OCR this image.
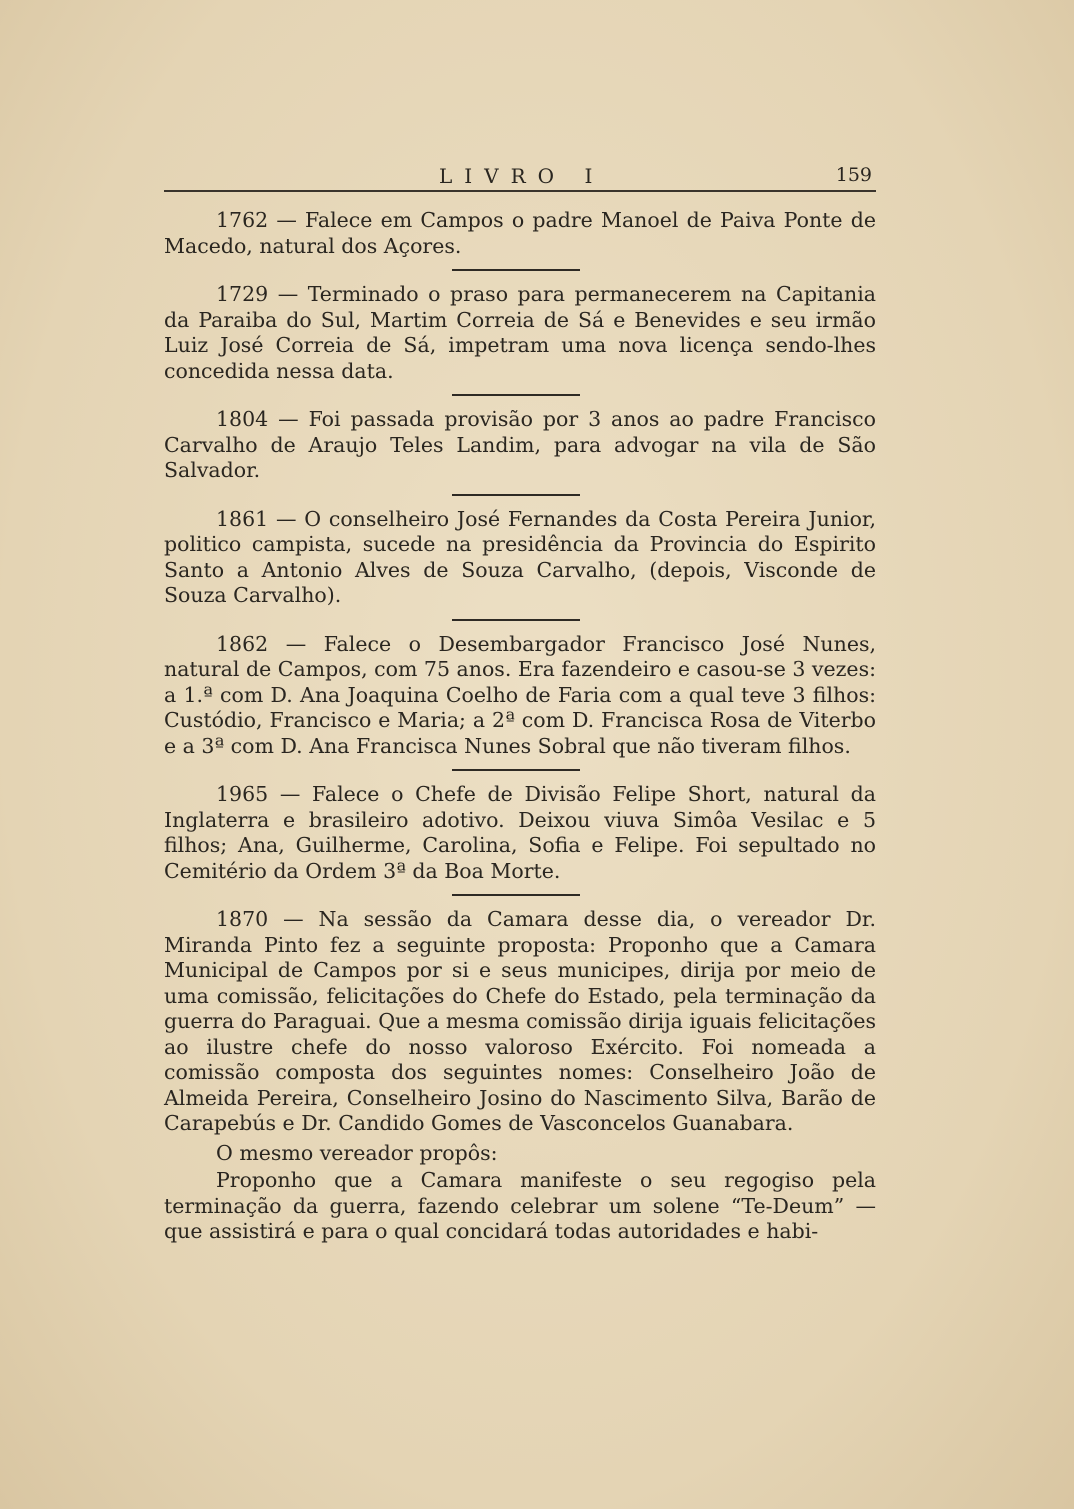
LIVRO I	159

1762 — Falece em Campos o padre Manoel de Paiva Ponte de Macedo, natural dos Açores.

1729 — Terminado o praso para permanecerem na Capitania da Paraiba do Sul, Martim Correia de Sá e Benevides e seu irmão Luiz José Correia de Sá, impetram uma nova licença sendo-lhes concedida nessa data.

1804 — Foi passada provisão por 3 anos ao padre Francisco Carvalho de Araujo Teles Landim, para advogar na vila de São Salvador.

1861 — O conselheiro José Fernandes da Costa Pereira Junior, politico campista, sucede na presidência da Provincia do Espirito Santo a Antonio Alves de Souza Carvalho, (depois, Visconde de Souza Carvalho).

1862 — Falece o Desembargador Francisco José Nunes, natural de Campos, com 75 anos. Era fazendeiro e casou-se 3 vezes: a 1.ª com D. Ana Joaquina Coelho de Faria com a qual teve 3 filhos: Custódio, Francisco e Maria; a 2ª com D. Francisca Rosa de Viterbo e a 3ª com D. Ana Francisca Nunes Sobral que não tiveram filhos.

1965 — Falece o Chefe de Divisão Felipe Short, natural da Inglaterra e brasileiro adotivo. Deixou viuva Simôa Vesilac e 5 filhos; Ana, Guilherme, Carolina, Sofia e Felipe. Foi sepultado no Cemitério da Ordem 3ª da Boa Morte.

1870 — Na sessão da Camara desse dia, o vereador Dr. Miranda Pinto fez a seguinte proposta: Proponho que a Camara Municipal de Campos por si e seus municipes, dirija por meio de uma comissão, felicitações do Chefe do Estado, pela terminação da guerra do Paraguai. Que a mesma comissão dirija iguais felicitações ao ilustre chefe do nosso valoroso Exército. Foi nomeada a comissão composta dos seguintes nomes: Conselheiro João de Almeida Pereira, Conselheiro Josino do Nascimento Silva, Barão de Carapebús e Dr. Candido Gomes de Vasconcelos Guanabara.

O mesmo vereador propôs:

Proponho que a Camara manifeste o seu regogiso pela terminação da guerra, fazendo celebrar um solene “Te-Deum” — que assistirá e para o qual concidará todas autoridades e habi-
